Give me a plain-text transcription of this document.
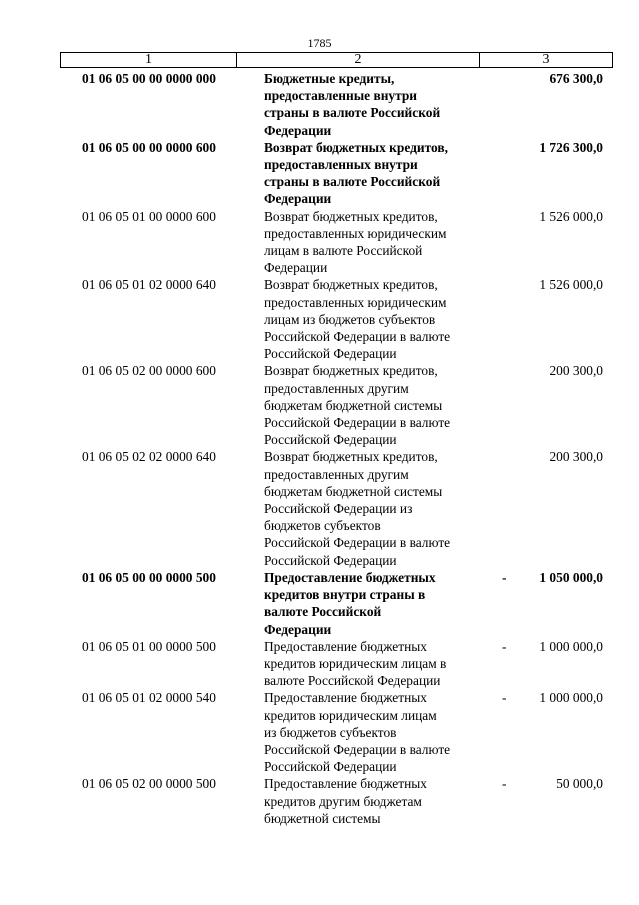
1785
1	2	3
01 06 05 00 00 0000 000	Бюджетные кредиты,
предоставленные внутри
страны в валюте Российской
Федерации
676 300,0
01 06 05 00 00 0000 600	Возврат бюджетных кредитов,
предоставленных внутри
страны в валюте Российской
Федерации
1 726 300,0
01 06 05 01 00 0000 600	Возврат бюджетных кредитов,
предоставленных юридическим
лицам в валюте Российской
Федерации
1 526 000,0
01 06 05 01 02 0000 640	Возврат бюджетных кредитов,
предоставленных юридическим
лицам из бюджетов субъектов
Российской Федерации в валюте
Российской Федерации
1 526 000,0
01 06 05 02 00 0000 600	Возврат бюджетных кредитов,
предоставленных другим
бюджетам бюджетной системы
Российской Федерации в валюте
Российской Федерации
200 300,0
01 06 05 02 02 0000 640	Возврат бюджетных кредитов,
предоставленных другим
бюджетам бюджетной системы
Российской Федерации из
бюджетов субъектов
Российской Федерации в валюте
Российской Федерации
200 300,0
01 06 05 00 00 0000 500	Предоставление бюджетных
кредитов внутри страны в
валюте Российской
Федерации
- 1 050 000,0
01 06 05 01 00 0000 500	Предоставление бюджетных
кредитов юридическим лицам в
валюте Российской Федерации
- 1 000 000,0
01 06 05 01 02 0000 540	Предоставление бюджетных
кредитов юридическим лицам
из бюджетов субъектов
Российской Федерации в валюте
Российской Федерации
- 1 000 000,0
01 06 05 02 00 0000 500	Предоставление бюджетных
кредитов другим бюджетам
бюджетной системы
-	50 000,0
